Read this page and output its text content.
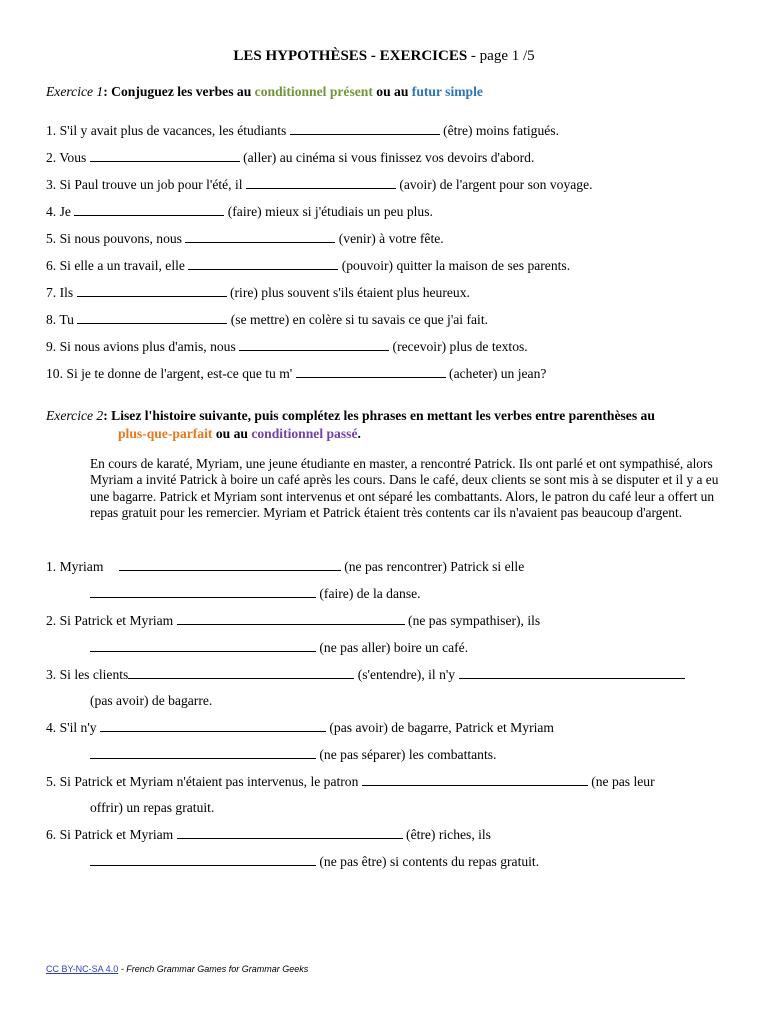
LES HYPOTHÈSES - EXERCICES - page 1 /5
Exercice 1: Conjuguez les verbes au conditionnel présent ou au futur simple
1. S'il y avait plus de vacances, les étudiants	(être) moins fatigués.
2. Vous	(aller) au cinéma si vous finissez vos devoirs d'abord.
3. Si Paul trouve un job pour l'été, il	(avoir) de l'argent pour son voyage.
4. Je	(faire) mieux si j'étudiais un peu plus.
5. Si nous pouvons, nous	(venir) à votre fête.
6. Si elle a un travail, elle	(pouvoir) quitter la maison de ses parents.
7. Ils	(rire) plus souvent s'ils étaient plus heureux.
8. Tu	(se mettre) en colère si tu savais ce que j'ai fait.
9. Si nous avions plus d'amis, nous	(recevoir) plus de textos.
10. Si je te donne de l'argent, est-ce que tu m'	(acheter) un jean?
Exercice 2: Lisez l'histoire suivante, puis complétez les phrases en mettant les verbes entre parenthèses au
plus-que-parfait ou au conditionnel passé.
En cours de karaté, Myriam, une jeune étudiante en master, a rencontré Patrick. Ils ont parlé et ont sympathisé, alors Myriam a invité Patrick à boire un café après les cours. Dans le café, deux clients se sont mis à se disputer et il y a eu une bagarre. Patrick et Myriam sont intervenus et ont séparé les combattants. Alors, le patron du café leur a offert un repas gratuit pour les remercier. Myriam et Patrick étaient très contents car ils n'avaient pas beaucoup d'argent.
1. Myriam	(ne pas rencontrer) Patrick si elle
(faire) de la danse.
2. Si Patrick et Myriam	(ne pas sympathiser), ils
(ne pas aller) boire un café.
3. Si les clients	(s'entendre), il n'y
(pas avoir) de bagarre.
4. S'il n'y	(pas avoir) de bagarre, Patrick et Myriam
(ne pas séparer) les combattants.
5. Si Patrick et Myriam n'étaient pas intervenus, le patron	(ne pas leur
offrir) un repas gratuit.
6. Si Patrick et Myriam	(être) riches, ils
(ne pas être) si contents du repas gratuit.
CC BY-NC-SA 4.0 - French Grammar Games for Grammar Geeks
